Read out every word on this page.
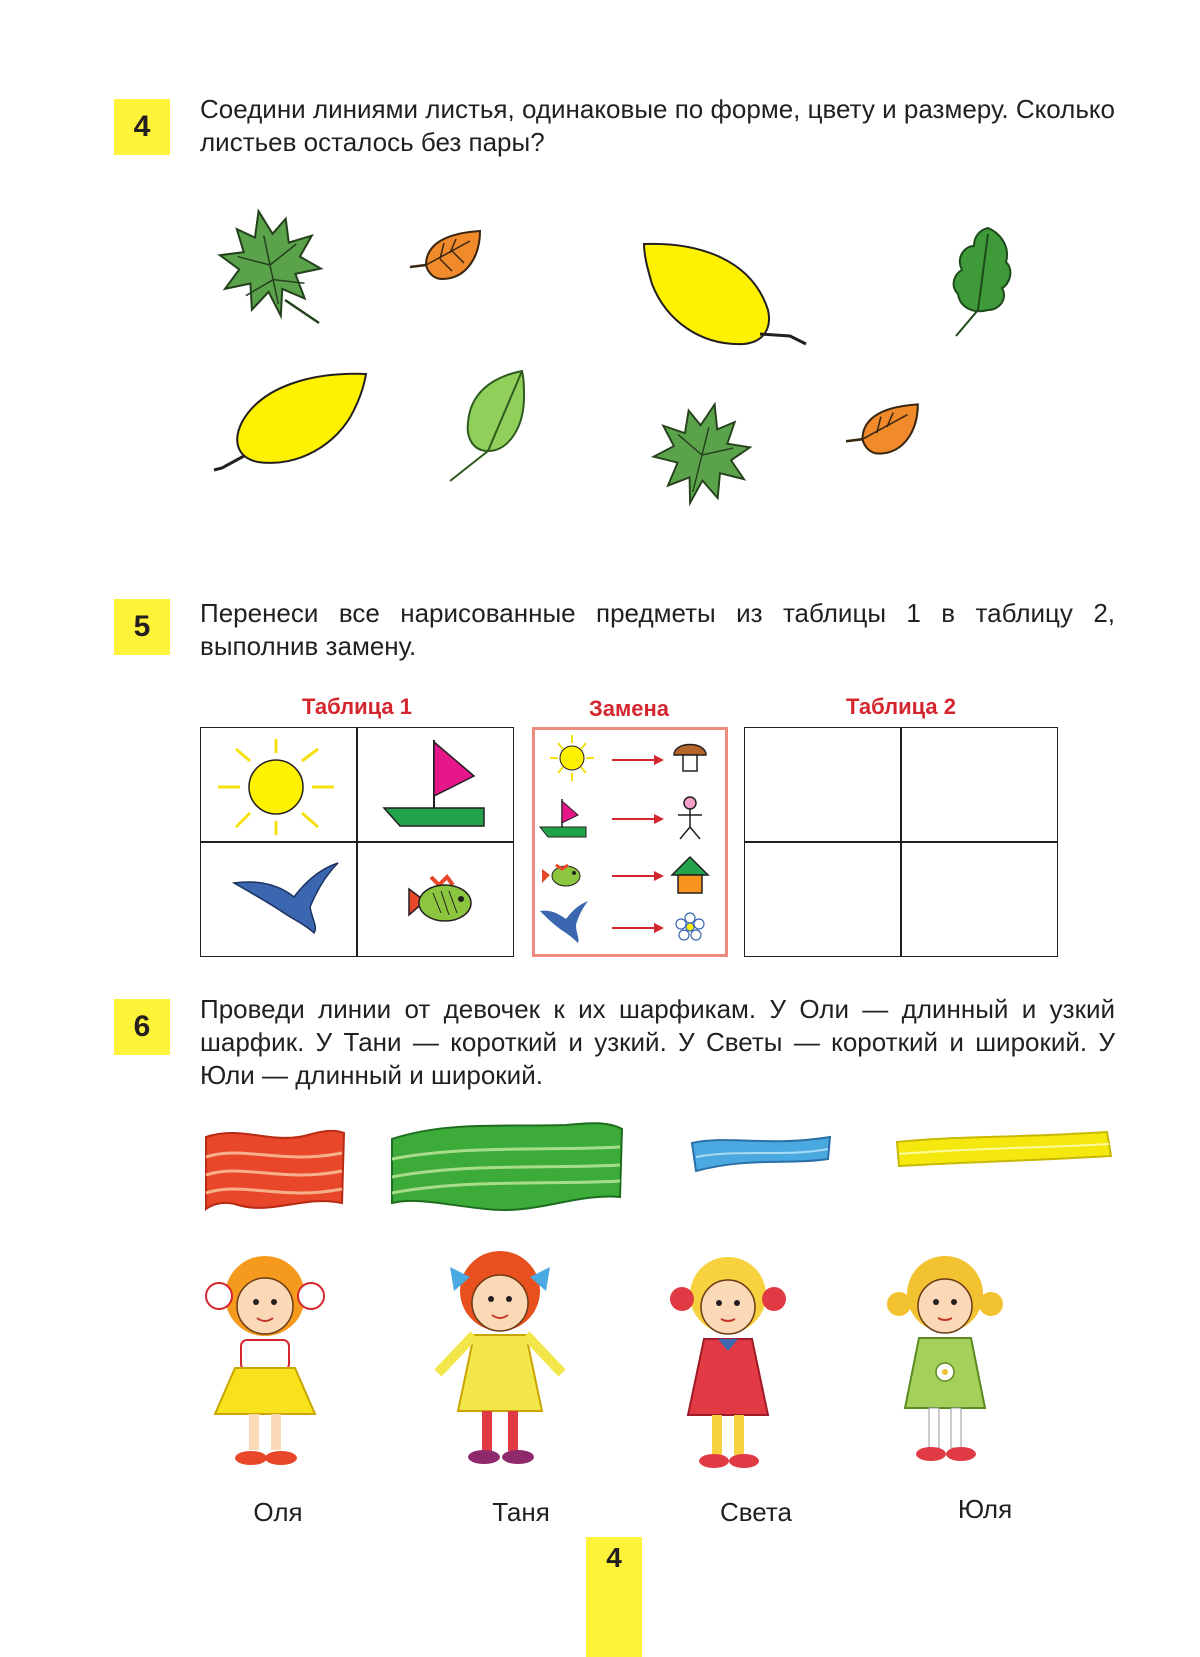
4
Соедини линиями листья, одинаковые по форме, цвету и размеру. Сколько листьев осталось без пары?
5 Перенеси все нарисованные предметы из таблицы 1 в таблицу 2, выполнив замену.
Таблица 1	Замена	Таблица 2
6
Проведи линии от девочек к их шарфикам. У Оли — длинный и узкий шарфик. У Тани — короткий и узкий. У Светы — короткий и широкий. У Юли — длинный и широкий.
Оля	Таня	Света	Юля
4
